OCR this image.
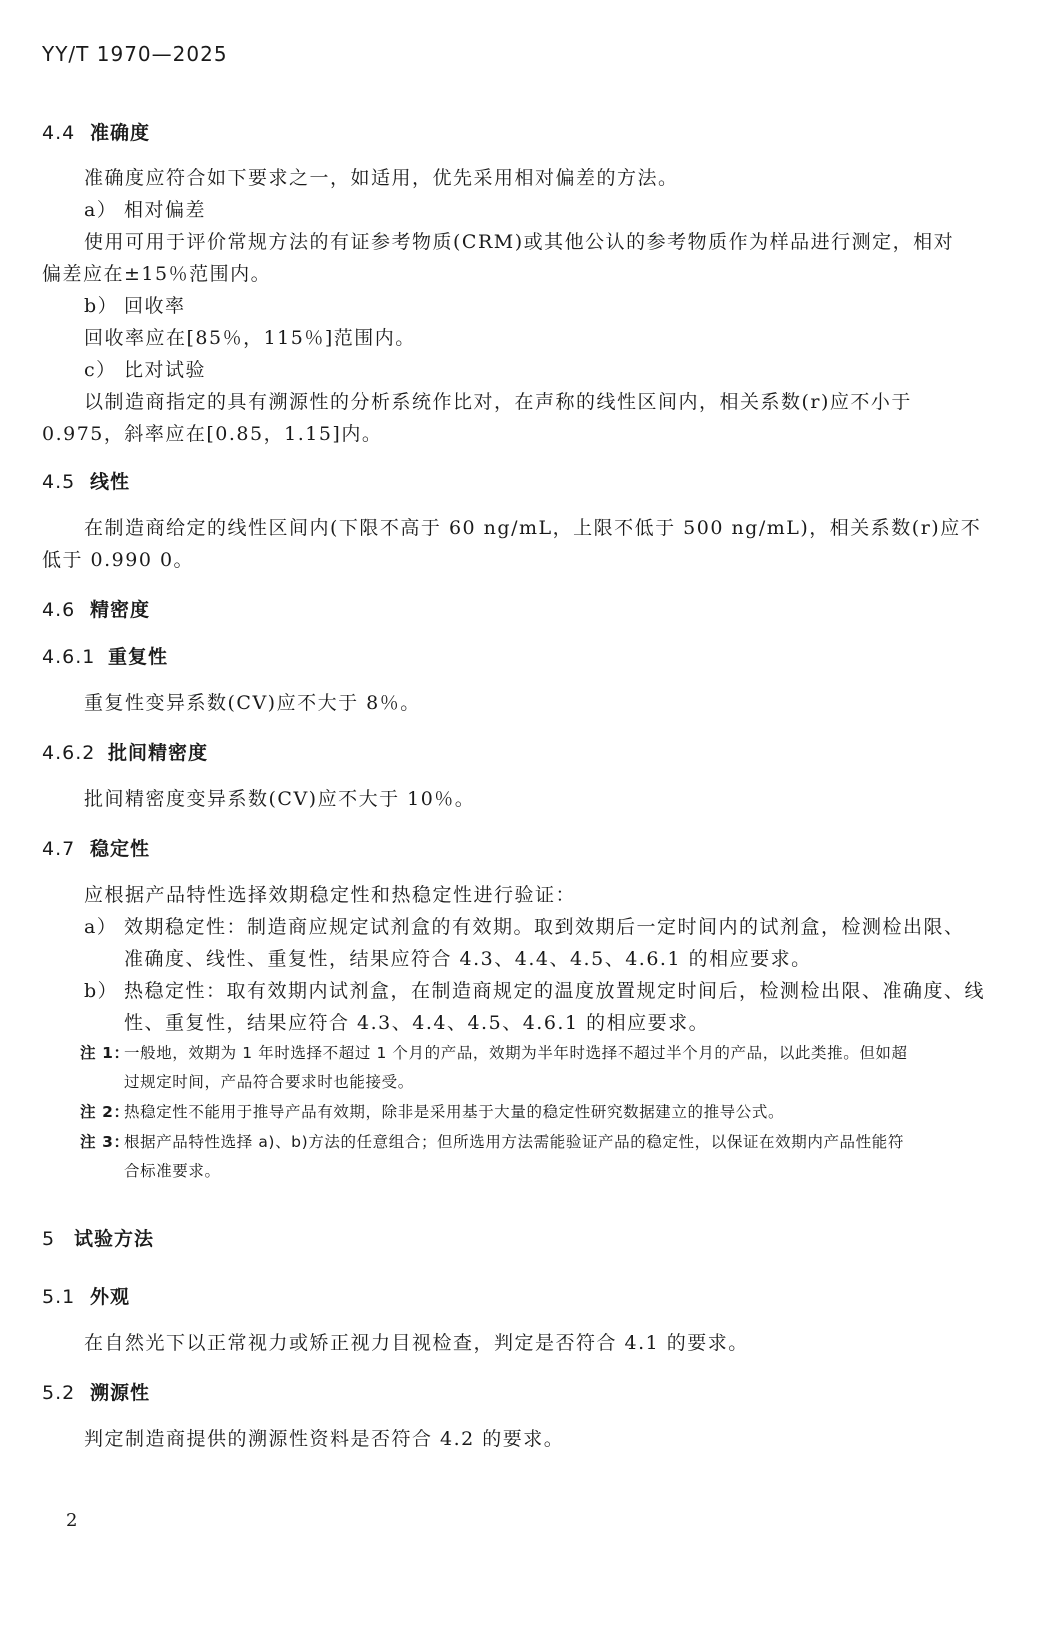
YY/T 1970—2025
4.4 准确度
准确度应符合如下要求之一，如适用，优先采用相对偏差的方法。
a） 相对偏差
使用可用于评价常规方法的有证参考物质(CRM)或其他公认的参考物质作为样品进行测定，相对
偏差应在±15％范围内。
b） 回收率
回收率应在[85％，115％]范围内。
c） 比对试验
以制造商指定的具有溯源性的分析系统作比对，在声称的线性区间内，相关系数(r)应不小于
0.975，斜率应在[0.85，1.15]内。
4.5 线性
在制造商给定的线性区间内(下限不高于 60 ng/mL，上限不低于 500 ng/mL)，相关系数(r)应不
低于 0.990 0。
4.6 精密度
4.6.1 重复性
重复性变异系数(CV)应不大于 8％。
4.6.2 批间精密度
批间精密度变异系数(CV)应不大于 10％。
4.7 稳定性
应根据产品特性选择效期稳定性和热稳定性进行验证：
a） 效期稳定性：制造商应规定试剂盒的有效期。取到效期后一定时间内的试剂盒，检测检出限、
准确度、线性、重复性，结果应符合 4.3、4.4、4.5、4.6.1 的相应要求。
b） 热稳定性：取有效期内试剂盒，在制造商规定的温度放置规定时间后，检测检出限、准确度、线
性、重复性，结果应符合 4.3、4.4、4.5、4.6.1 的相应要求。
注 1：一般地，效期为 1 年时选择不超过 1 个月的产品，效期为半年时选择不超过半个月的产品，以此类推。但如超
过规定时间，产品符合要求时也能接受。
注 2：热稳定性不能用于推导产品有效期，除非是采用基于大量的稳定性研究数据建立的推导公式。
注 3：根据产品特性选择 a)、b)方法的任意组合；但所选用方法需能验证产品的稳定性，以保证在效期内产品性能符
合标准要求。
5 试验方法
5.1 外观
在自然光下以正常视力或矫正视力目视检查，判定是否符合 4.1 的要求。
5.2 溯源性
判定制造商提供的溯源性资料是否符合 4.2 的要求。
2
